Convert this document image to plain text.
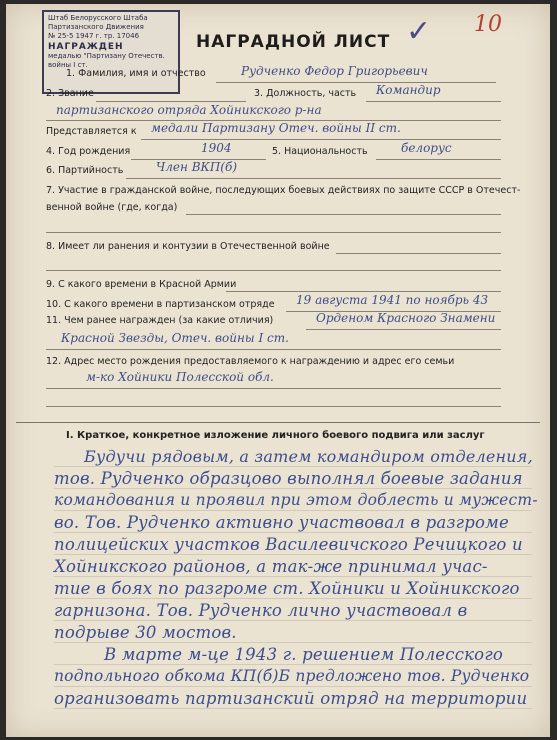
Штаб Белорусского Штаба
Партизанского Движения
№ 25-5 1947 г. тр. 17046
НАГРАЖДЕН
медалью "Партизану Отечеств.
войны I ст.
НАГРАДНОЙ ЛИСТ ✓ 10
1. Фамилия, имя и отчество	Рудченко Федор Григорьевич
2. Звание	3. Должность, часть Командир
партизанского отряда Хойникского р-на
Представляется к медали Партизану Отеч. войны II ст.
4. Год рождения	1904	5. Национальность	белорус
6. Партийность	Член ВКП(б)
7. Участие в гражданской войне, последующих боевых действиях по защите СССР в Отечест-
венной войне (где, когда)
8. Имеет ли ранения и контузии в Отечественной войне
9. С какого времени в Красной Армии
10. С какого времени в партизанском отряде 19 августа 1941 по ноябрь 43
11. Чем ранее награжден (за какие отличия)	Орденом Красного Знамени
Красной Звезды, Отеч. войны I ст.
12. Адрес место рождения предоставляемого к награждению и адрес его семьи
м-ко Хойники Полесской обл.
I. Краткое, конкретное изложение личного боевого подвига или заслуг
Будучи рядовым, а затем командиром отделения,
тов. Рудченко образцово выполнял боевые задания
командования и проявил при этом доблесть и мужест-
во. Тов. Рудченко активно участвовал в разгроме
полицейских участков Василевичского Речицкого и
Хойникского районов, а так-же принимал учас-
тие в боях по разгроме ст. Хойники и Хойникского
гарнизона. Тов. Рудченко лично участвовал в
подрыве 30 мостов.
В марте м-це 1943 г. решением Полесского
подпольного обкома КП(б)Б предложено тов. Рудченко
организовать партизанский отряд на территории
